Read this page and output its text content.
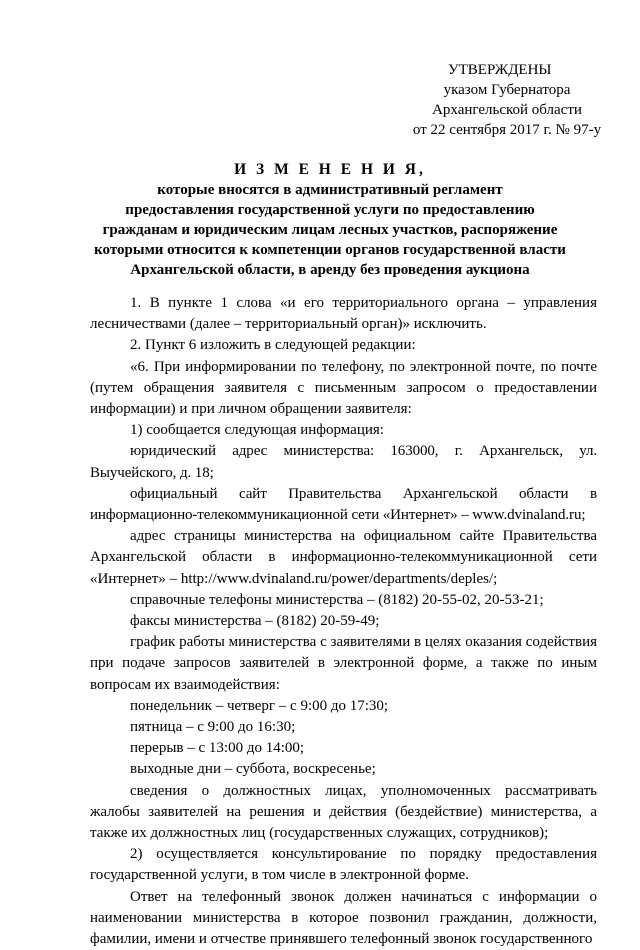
УТВЕРЖДЕНЫ
указом Губернатора
Архангельской области
от 22 сентября 2017 г. № 97-у
И З М Е Н Е Н И Я,
которые вносятся в административный регламент
предоставления государственной услуги по предоставлению
гражданам и юридическим лицам лесных участков, распоряжение
которыми относится к компетенции органов государственной власти
Архангельской области, в аренду без проведения аукциона

1. В пункте 1 слова «и его территориального органа – управления лесничествами (далее – территориальный орган)» исключить.

2. Пункт 6 изложить в следующей редакции:

«6. При информировании по телефону, по электронной почте, по почте (путем обращения заявителя с письменным запросом о предоставлении информации) и при личном обращении заявителя:

1) сообщается следующая информация:

юридический адрес министерства: 163000, г. Архангельск, ул. Выучейского, д. 18;

официальный сайт Правительства Архангельской области в информационно-телекоммуникационной сети «Интернет» – www.dvinaland.ru;

адрес страницы министерства на официальном сайте Правительства Архангельской области в информационно-телекоммуникационной сети «Интернет» – http://www.dvinaland.ru/power/departments/deples/;

справочные телефоны министерства – (8182) 20-55-02, 20-53-21;

факсы министерства – (8182) 20-59-49;

график работы министерства с заявителями в целях оказания содействия при подаче запросов заявителей в электронной форме, а также по иным вопросам их взаимодействия:

понедельник – четверг – с 9:00 до 17:30;

пятница – с 9:00 до 16:30;

перерыв – с 13:00 до 14:00;

выходные дни – суббота, воскресенье;

сведения о должностных лицах, уполномоченных рассматривать жалобы заявителей на решения и действия (бездействие) министерства, а также их должностных лиц (государственных служащих, сотрудников);

2) осуществляется консультирование по порядку предоставления государственной услуги, в том числе в электронной форме.

Ответ на телефонный звонок должен начинаться с информации о наименовании министерства в которое позвонил гражданин, должности, фамилии, имени и отчестве принявшего телефонный звонок государственного
